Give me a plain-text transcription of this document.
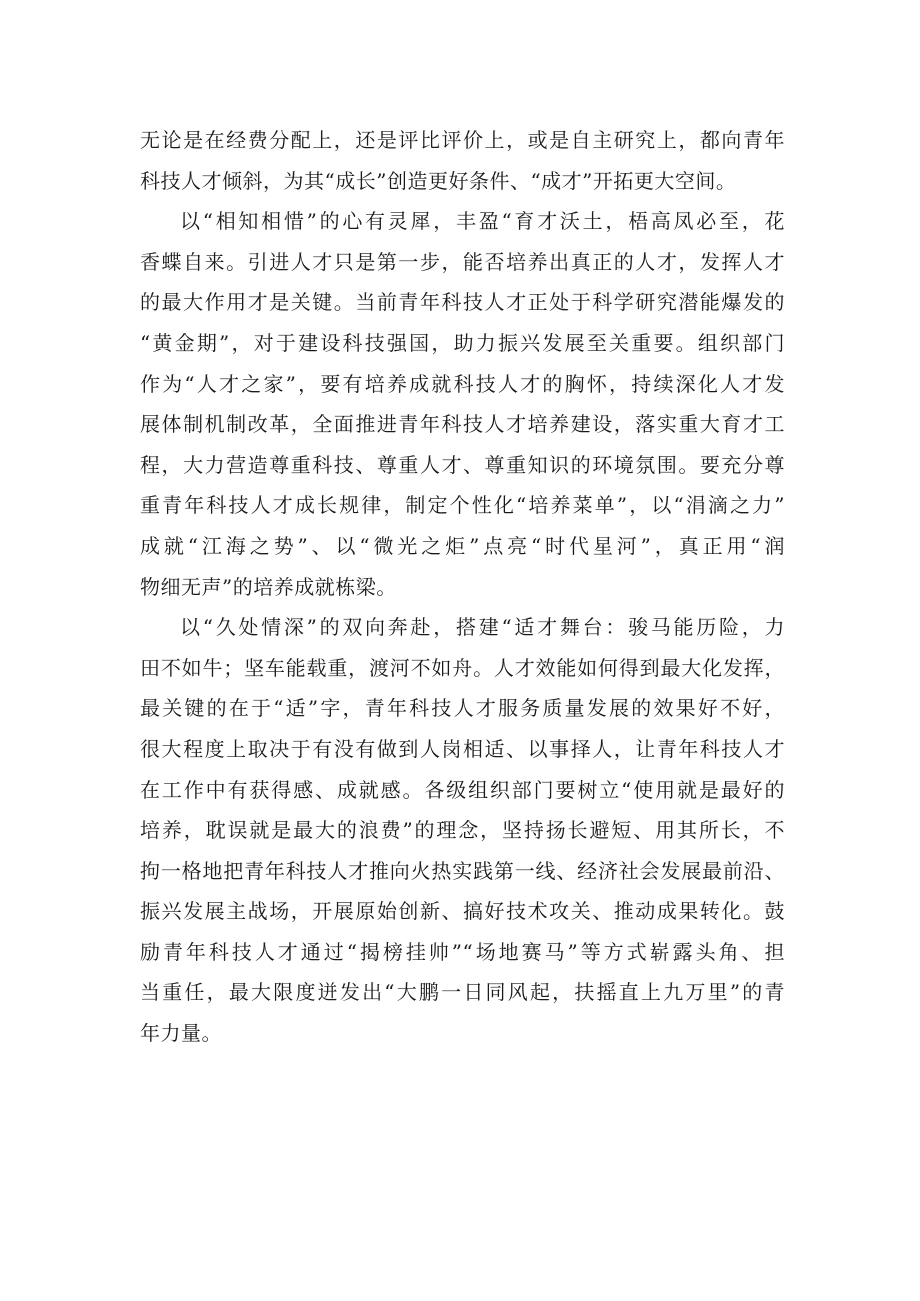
无论是在经费分配上，还是评比评价上，或是自主研究上，都向青年
科技人才倾斜，为其“成长”创造更好条件、“成才”开拓更大空间。
以“相知相惜”的心有灵犀，丰盈“育才沃土，梧高凤必至，花
香蝶自来。引进人才只是第一步，能否培养出真正的人才，发挥人才
的最大作用才是关键。当前青年科技人才正处于科学研究潜能爆发的
“黄金期”，对于建设科技强国，助力振兴发展至关重要。组织部门
作为“人才之家”，要有培养成就科技人才的胸怀，持续深化人才发
展体制机制改革，全面推进青年科技人才培养建设，落实重大育才工
程，大力营造尊重科技、尊重人才、尊重知识的环境氛围。要充分尊
重青年科技人才成长规律，制定个性化“培养菜单”，以“涓滴之力”
成就“江海之势”、以“微光之炬”点亮“时代星河”，真正用“润
物细无声”的培养成就栋梁。
以“久处情深”的双向奔赴，搭建“适才舞台：骏马能历险，力
田不如牛；坚车能载重，渡河不如舟。人才效能如何得到最大化发挥，
最关键的在于“适”字，青年科技人才服务质量发展的效果好不好，
很大程度上取决于有没有做到人岗相适、以事择人，让青年科技人才
在工作中有获得感、成就感。各级组织部门要树立“使用就是最好的
培养，耽误就是最大的浪费”的理念，坚持扬长避短、用其所长，不
拘一格地把青年科技人才推向火热实践第一线、经济社会发展最前沿、
振兴发展主战场，开展原始创新、搞好技术攻关、推动成果转化。鼓
励青年科技人才通过“揭榜挂帅”“场地赛马”等方式崭露头角、担
当重任，最大限度迸发出“大鹏一日同风起，扶摇直上九万里”的青
年力量。
